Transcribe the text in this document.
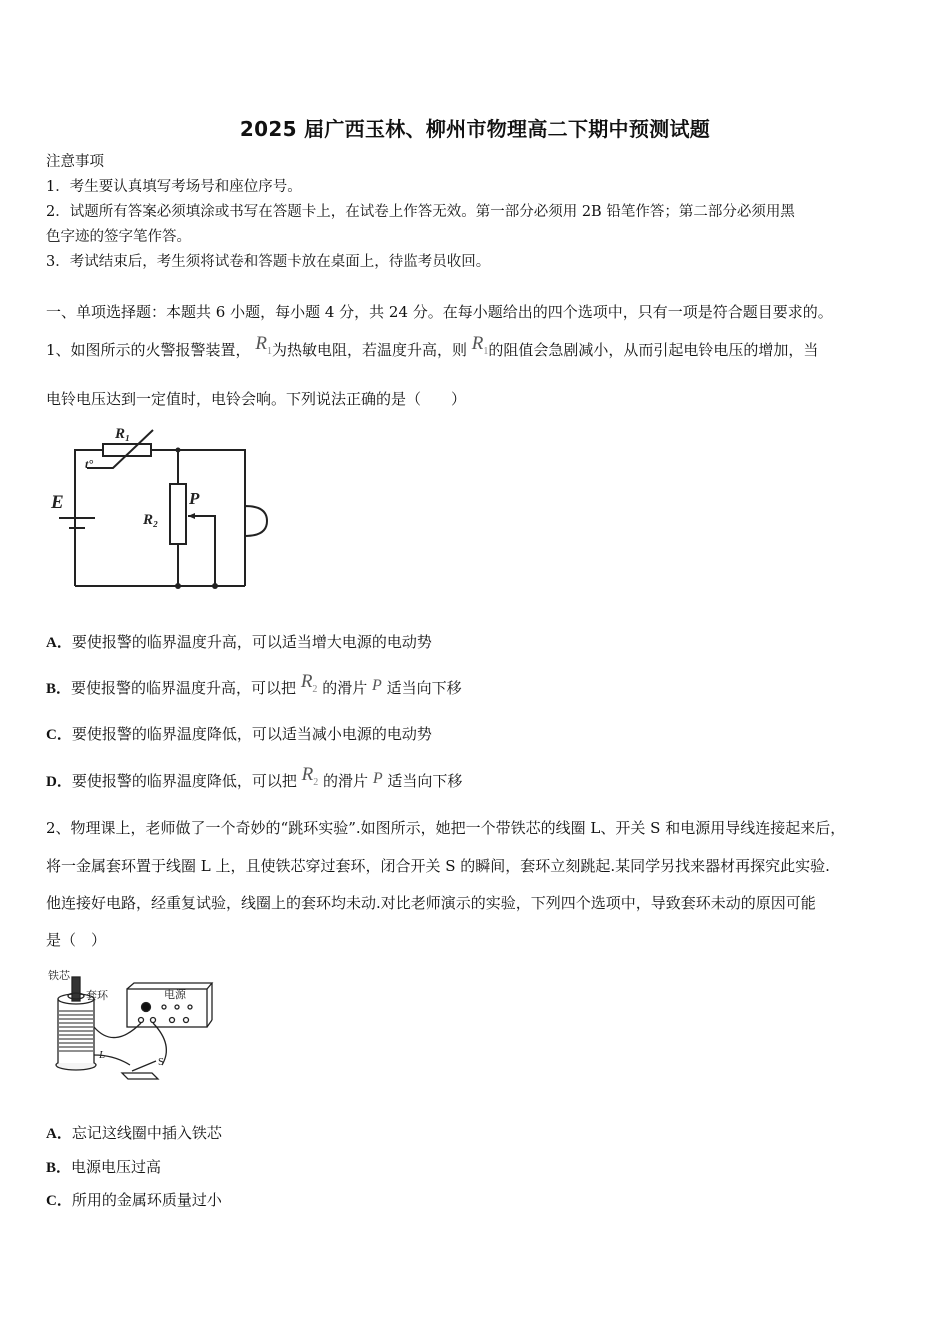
2025 届广西玉林、柳州市物理高二下期中预测试题
注意事项
1．考生要认真填写考场号和座位序号。
2．试题所有答案必须填涂或书写在答题卡上，在试卷上作答无效。第一部分必须用 2B 铅笔作答；第二部分必须用黑
色字迹的签字笔作答。
3．考试结束后，考生须将试卷和答题卡放在桌面上，待监考员收回。
一、单项选择题：本题共 6 小题，每小题 4 分，共 24 分。在每小题给出的四个选项中，只有一项是符合题目要求的。
1、如图所示的火警报警装置， $R_1$为热敏电阻，若温度升高，则 $R_1$的阻值会急剧减小，从而引起电铃电压的增加，当
电铃电压达到一定值时，电铃会响。下列说法正确的是（　　）
R₁
t°
E
R₂
P
A．要使报警的临界温度升高，可以适当增大电源的电动势
B．要使报警的临界温度升高，可以把 $R_2$ 的滑片 P 适当向下移
C．要使报警的临界温度降低，可以适当减小电源的电动势
D．要使报警的临界温度降低，可以把 $R_2$ 的滑片 P 适当向下移
2、物理课上，老师做了一个奇妙的“跳环实验”.如图所示，她把一个带铁芯的线圈 L、开关 S 和电源用导线连接起来后，
将一金属套环置于线圈 L 上，且使铁芯穿过套环，闭合开关 S 的瞬间，套环立刻跳起.某同学另找来器材再探究此实验.
他连接好电路，经重复试验，线圈上的套环均未动.对比老师演示的实验，下列四个选项中，导致套环未动的原因可能
是（　）
铁芯
套环	电源
L
S
A．忘记这线圈中插入铁芯
B．电源电压过高
C．所用的金属环质量过小
